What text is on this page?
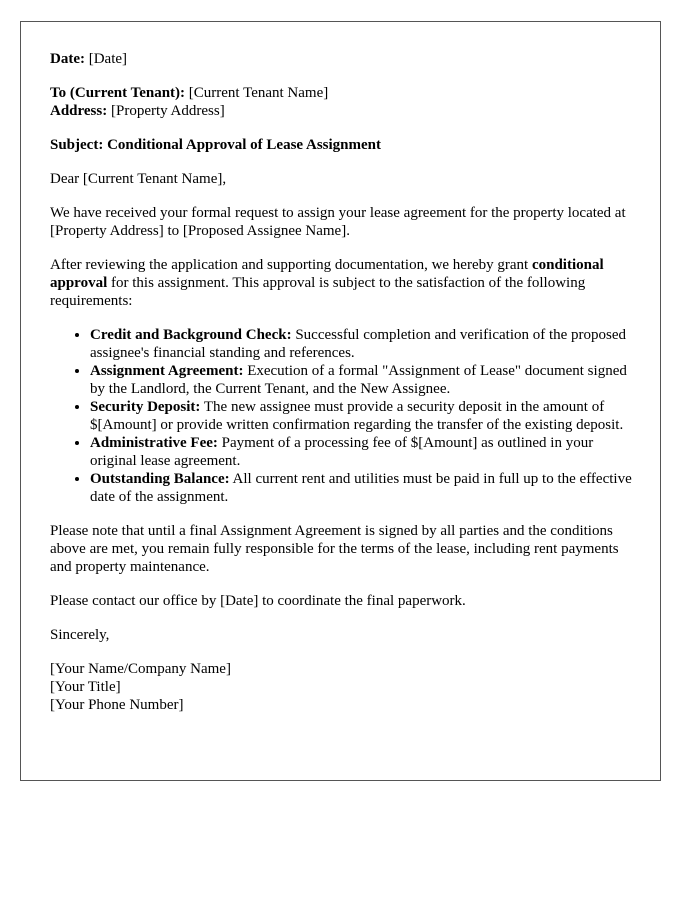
Date: [Date]

To (Current Tenant): [Current Tenant Name]
Address: [Property Address]

Subject: Conditional Approval of Lease Assignment

Dear [Current Tenant Name],

We have received your formal request to assign your lease agreement for the property located at [Property Address] to [Proposed Assignee Name].

After reviewing the application and supporting documentation, we hereby grant conditional approval for this assignment. This approval is subject to the satisfaction of the following requirements:

• Credit and Background Check: Successful completion and verification of the proposed assignee's financial standing and references.
• Assignment Agreement: Execution of a formal "Assignment of Lease" document signed by the Landlord, the Current Tenant, and the New Assignee.
• Security Deposit: The new assignee must provide a security deposit in the amount of $[Amount] or provide written confirmation regarding the transfer of the existing deposit.
• Administrative Fee: Payment of a processing fee of $[Amount] as outlined in your original lease agreement.
• Outstanding Balance: All current rent and utilities must be paid in full up to the effective date of the assignment.

Please note that until a final Assignment Agreement is signed by all parties and the conditions above are met, you remain fully responsible for the terms of the lease, including rent payments and property maintenance.

Please contact our office by [Date] to coordinate the final paperwork.

Sincerely,

[Your Name/Company Name]
[Your Title]
[Your Phone Number]
